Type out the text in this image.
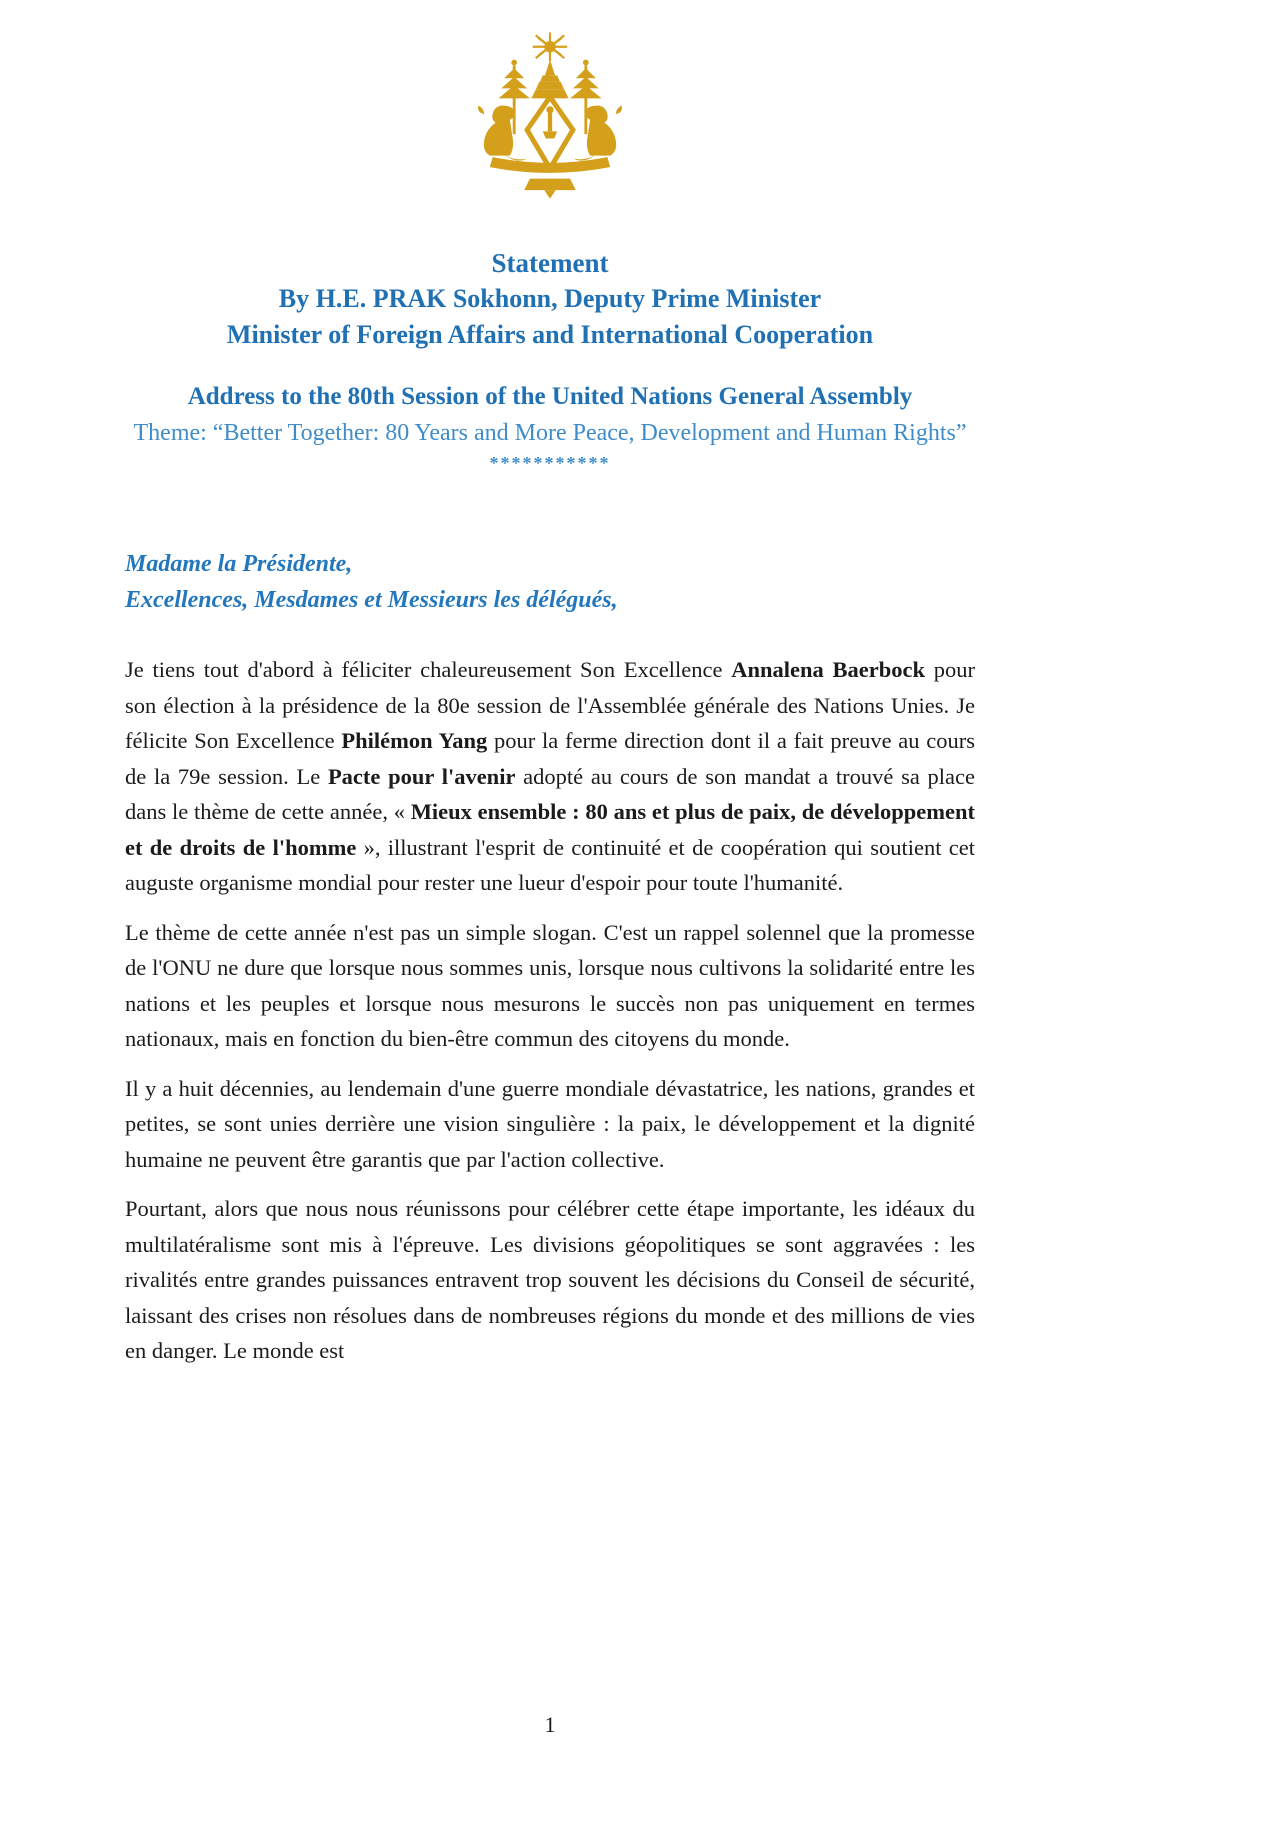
Statement

By H.E. PRAK Sokhonn, Deputy Prime Minister

Minister of Foreign Affairs and International Cooperation

Address to the 80th Session of the United Nations General Assembly

Theme: “Better Together: 80 Years and More Peace, Development and Human Rights”

***********

Madame la Présidente,
Excellences, Mesdames et Messieurs les délégués,

Je tiens tout d'abord à féliciter chaleureusement Son Excellence Annalena Baerbock pour son élection à la présidence de la 80e session de l'Assemblée générale des Nations Unies. Je félicite Son Excellence Philémon Yang pour la ferme direction dont il a fait preuve au cours de la 79e session. Le Pacte pour l'avenir adopté au cours de son mandat a trouvé sa place dans le thème de cette année, « Mieux ensemble : 80 ans et plus de paix, de développement et de droits de l'homme », illustrant l'esprit de continuité et de coopération qui soutient cet auguste organisme mondial pour rester une lueur d'espoir pour toute l'humanité.

Le thème de cette année n'est pas un simple slogan. C'est un rappel solennel que la promesse de l'ONU ne dure que lorsque nous sommes unis, lorsque nous cultivons la solidarité entre les nations et les peuples et lorsque nous mesurons le succès non pas uniquement en termes nationaux, mais en fonction du bien-être commun des citoyens du monde.

Il y a huit décennies, au lendemain d'une guerre mondiale dévastatrice, les nations, grandes et petites, se sont unies derrière une vision singulière : la paix, le développement et la dignité humaine ne peuvent être garantis que par l'action collective.

Pourtant, alors que nous nous réunissons pour célébrer cette étape importante, les idéaux du multilatéralisme sont mis à l'épreuve. Les divisions géopolitiques se sont aggravées : les rivalités entre grandes puissances entravent trop souvent les décisions du Conseil de sécurité, laissant des crises non résolues dans de nombreuses régions du monde et des millions de vies en danger. Le monde est

1
